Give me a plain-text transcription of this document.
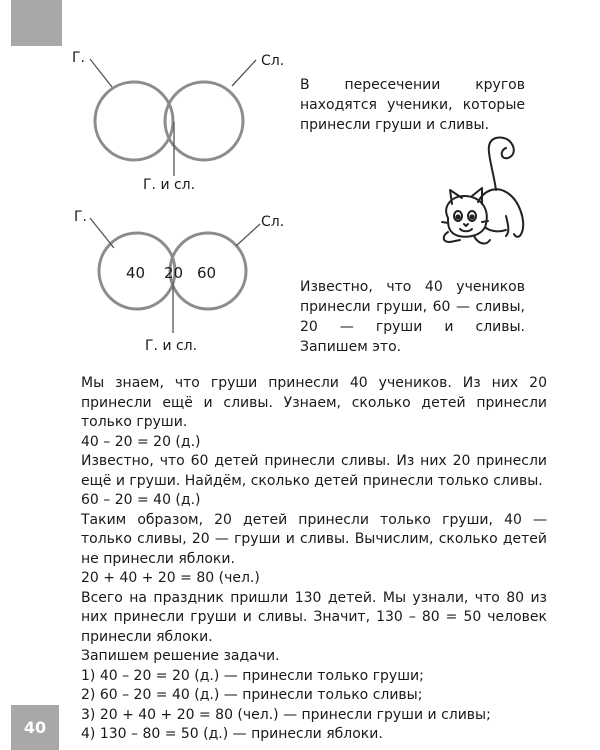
Г.	Сл.
Г. и сл.
В пересечении кругов находятся ученики, которые принесли груши и сливы.
Г.	Сл.
Г. и сл.
40 20 60
Известно, что 40 учеников принесли груши, 60 — сливы, 20 — груши и сливы. Запишем это.

Мы знаем, что груши принесли 40 учеников. Из них 20 принесли ещё и сливы. Узнаем, сколько детей принесли только груши.

40 – 20 = 20 (д.)

Известно, что 60 детей принесли сливы. Из них 20 принесли ещё и груши. Найдём, сколько детей принесли только сливы.

60 – 20 = 40 (д.)

Таким образом, 20 детей принесли только груши, 40 — только сливы, 20 — груши и сливы. Вычислим, сколько детей не принесли яблоки.

20 + 40 + 20 = 80 (чел.)

Всего на праздник пришли 130 детей. Мы узнали, что 80 из них принесли груши и сливы. Значит, 130 – 80 = 50 человек принесли яблоки.

Запишем решение задачи.
1) 40 – 20 = 20 (д.) — принесли только груши;
2) 60 – 20 = 40 (д.) — принесли только сливы;
3) 20 + 40 + 20 = 80 (чел.) — принесли груши и сливы;
4) 130 – 80 = 50 (д.) — принесли яблоки.
40
